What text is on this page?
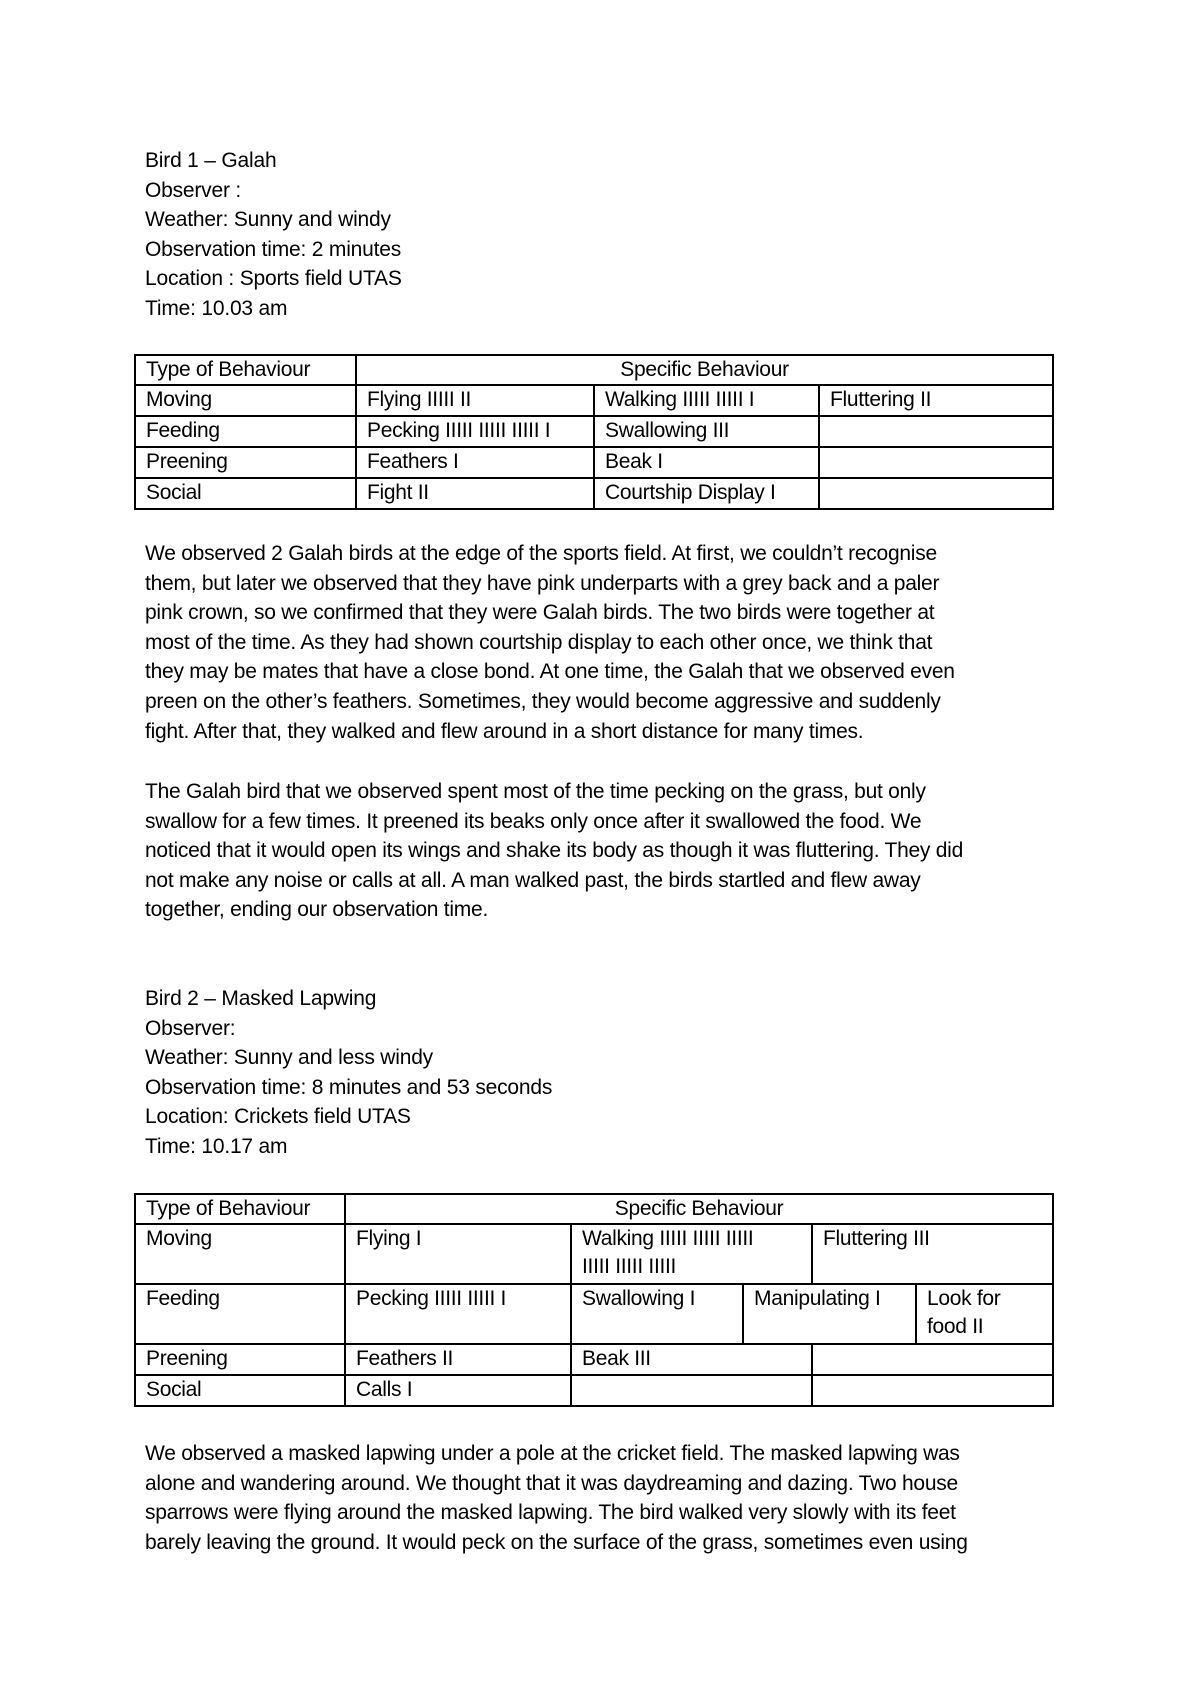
Bird 1 – Galah
Observer :
Weather: Sunny and windy
Observation time: 2 minutes
Location : Sports field UTAS
Time: 10.03 am
Type of Behaviour	Specific Behaviour		
Moving	Flying IIIII II	Walking IIIII IIIII I	Fluttering II
Feeding	Pecking IIIII IIIII IIIII I	Swallowing III	
Preening	Feathers I	Beak I	
Social	Fight II	Courtship Display I	
We observed 2 Galah birds at the edge of the sports field. At first, we couldn’t recognise
them, but later we observed that they have pink underparts with a grey back and a paler
pink crown, so we confirmed that they were Galah birds. The two birds were together at
most of the time. As they had shown courtship display to each other once, we think that
they may be mates that have a close bond. At one time, the Galah that we observed even
preen on the other’s feathers. Sometimes, they would become aggressive and suddenly
fight. After that, they walked and flew around in a short distance for many times.
The Galah bird that we observed spent most of the time pecking on the grass, but only
swallow for a few times. It preened its beaks only once after it swallowed the food. We
noticed that it would open its wings and shake its body as though it was fluttering. They did
not make any noise or calls at all. A man walked past, the birds startled and flew away
together, ending our observation time.
Bird 2 – Masked Lapwing
Observer:
Weather: Sunny and less windy
Observation time: 8 minutes and 53 seconds
Location: Crickets field UTAS
Time: 10.17 am
Type of Behaviour	Specific Behaviour				
Moving	Flying I	Walking IIIII IIIII IIIII IIIII IIIII IIIII		Fluttering III	
Feeding	Pecking IIIII IIIII I	Swallowing I	Manipulating I		Look for food II
Preening	Feathers II	Beak III			
Social	Calls I				
We observed a masked lapwing under a pole at the cricket field. The masked lapwing was
alone and wandering around. We thought that it was daydreaming and dazing. Two house
sparrows were flying around the masked lapwing. The bird walked very slowly with its feet
barely leaving the ground. It would peck on the surface of the grass, sometimes even using
